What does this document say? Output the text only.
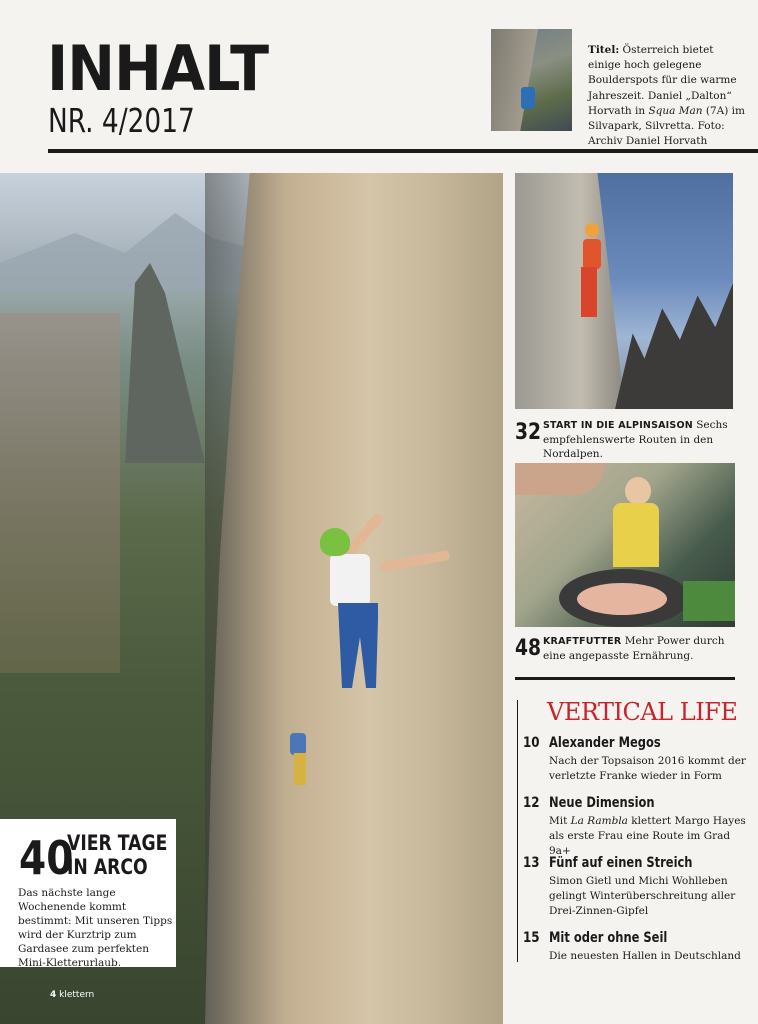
INHALT
NR. 4/2017
Titel: Österreich bietet einige hoch gelegene Boulderspots für die warme Jahreszeit. Daniel „Dalton“ Horvath in Squa Man (7A) im Silvapark, Silvretta. Foto: Archiv Daniel Horvath
40
VIER TAGE
IN ARCO
Das nächste lange Wochenende kommt bestimmt: Mit unseren Tipps wird der Kurztrip zum Gardasee zum perfekten Mini-Kletterurlaub.
4 klettern
32 START IN DIE ALPINSAISON Sechs empfehlenswerte Routen in den Nordalpen.
48 KRAFTFUTTER Mehr Power durch eine angepasste Ernährung.
VERTICAL LIFE
10 Alexander Megos
Nach der Topsaison 2016 kommt der verletzte Franke wieder in Form
12 Neue Dimension
Mit La Rambla klettert Margo Hayes als erste Frau eine Route im Grad 9a+
13 Fünf auf einen Streich
Simon Gietl und Michi Wohlleben gelingt Winterüberschreitung aller Drei-Zinnen-Gipfel
15 Mit oder ohne Seil
Die neuesten Hallen in Deutschland
